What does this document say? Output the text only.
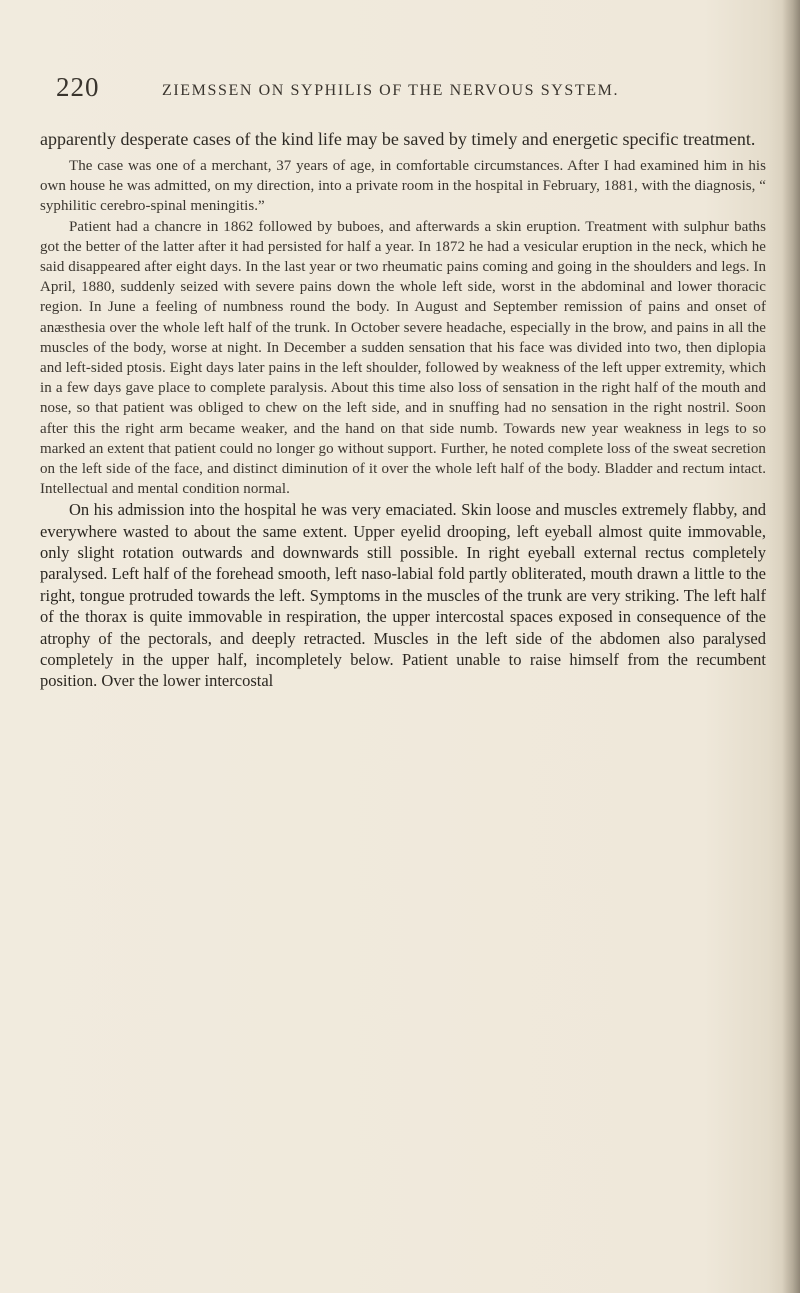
220	ZIEMSSEN ON SYPHILIS OF THE NERVOUS SYSTEM.

apparently desperate cases of the kind life may be saved by timely and energetic specific treatment.

The case was one of a merchant, 37 years of age, in comfortable circumstances. After I had examined him in his own house he was admitted, on my direction, into a private room in the hospital in February, 1881, with the diagnosis, “ syphilitic cerebro-spinal meningitis.”

Patient had a chancre in 1862 followed by buboes, and afterwards a skin eruption. Treatment with sulphur baths got the better of the latter after it had persisted for half a year. In 1872 he had a vesicular eruption in the neck, which he said disappeared after eight days. In the last year or two rheumatic pains coming and going in the shoulders and legs. In April, 1880, suddenly seized with severe pains down the whole left side, worst in the abdominal and lower thoracic region. In June a feeling of numbness round the body. In August and September remission of pains and onset of anæsthesia over the whole left half of the trunk. In October severe headache, especially in the brow, and pains in all the muscles of the body, worse at night. In December a sudden sensation that his face was divided into two, then diplopia and left-sided ptosis. Eight days later pains in the left shoulder, followed by weakness of the left upper extremity, which in a few days gave place to complete paralysis. About this time also loss of sensation in the right half of the mouth and nose, so that patient was obliged to chew on the left side, and in snuffing had no sensation in the right nostril. Soon after this the right arm became weaker, and the hand on that side numb. Towards new year weakness in legs to so marked an extent that patient could no longer go without support. Further, he noted complete loss of the sweat secretion on the left side of the face, and distinct diminution of it over the whole left half of the body. Bladder and rectum intact. Intellectual and mental condition normal.

On his admission into the hospital he was very emaciated. Skin loose and muscles extremely flabby, and everywhere wasted to about the same extent. Upper eyelid drooping, left eyeball almost quite immovable, only slight rotation outwards and downwards still possible. In right eyeball external rectus completely paralysed. Left half of the forehead smooth, left naso-labial fold partly obliterated, mouth drawn a little to the right, tongue protruded towards the left. Symptoms in the muscles of the trunk are very striking. The left half of the thorax is quite immovable in respiration, the upper intercostal spaces exposed in consequence of the atrophy of the pectorals, and deeply retracted. Muscles in the left side of the abdomen also paralysed completely in the upper half, incompletely below. Patient unable to raise himself from the recumbent position. Over the lower intercostal
